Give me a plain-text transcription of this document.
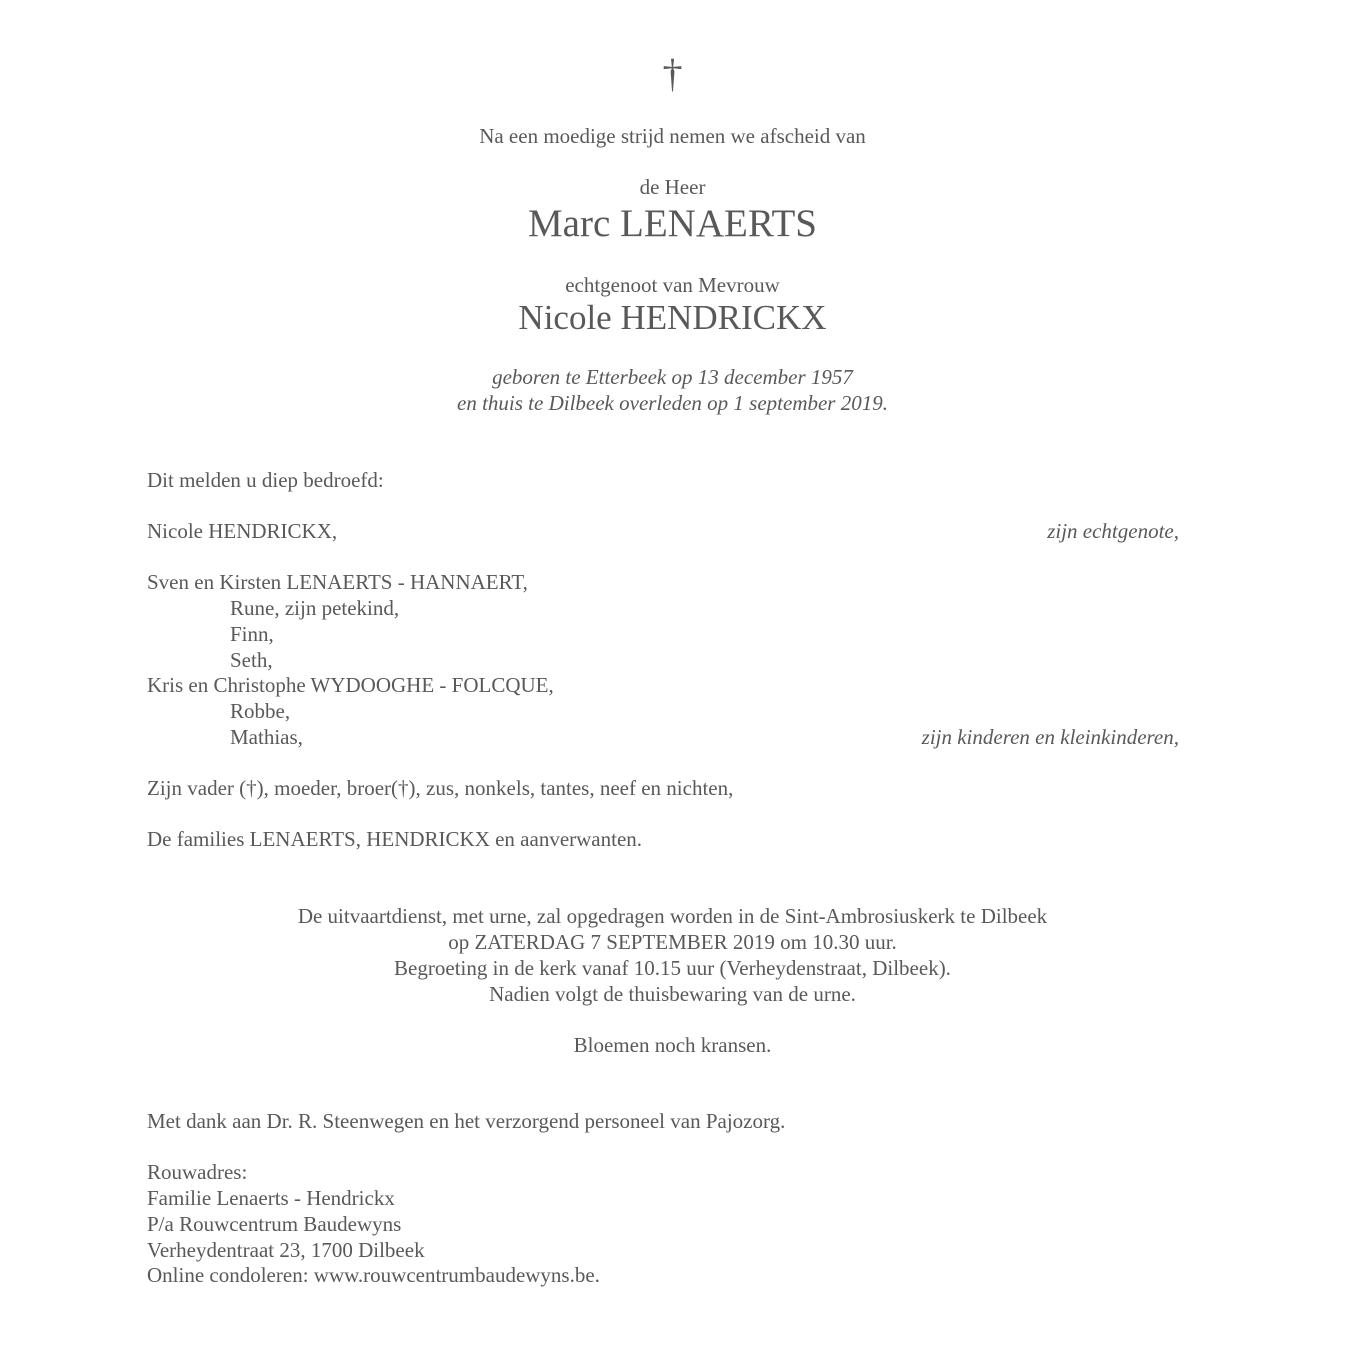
†
Na een moedige strijd nemen we afscheid van
de Heer
Marc LENAERTS
echtgenoot van Mevrouw
Nicole HENDRICKX
geboren te Etterbeek op 13 december 1957
en thuis te Dilbeek overleden op 1 september 2019.
Dit melden u diep bedroefd:
Nicole HENDRICKX,	zijn echtgenote,
Sven en Kirsten LENAERTS - HANNAERT,
Rune, zijn petekind,
Finn,
Seth,
Kris en Christophe WYDOOGHE - FOLCQUE,
Robbe,
Mathias,	zijn kinderen en kleinkinderen,
Zijn vader (†), moeder, broer(†), zus, nonkels, tantes, neef en nichten,
De families LENAERTS, HENDRICKX en aanverwanten.
De uitvaartdienst, met urne, zal opgedragen worden in de Sint-Ambrosiuskerk te Dilbeek
op ZATERDAG 7 SEPTEMBER 2019 om 10.30 uur.
Begroeting in de kerk vanaf 10.15 uur (Verheydenstraat, Dilbeek).
Nadien volgt de thuisbewaring van de urne.
Bloemen noch kransen.
Met dank aan Dr. R. Steenwegen en het verzorgend personeel van Pajozorg.
Rouwadres:
Familie Lenaerts - Hendrickx
P/a Rouwcentrum Baudewyns
Verheydentraat 23, 1700 Dilbeek
Online condoleren: www.rouwcentrumbaudewyns.be.
